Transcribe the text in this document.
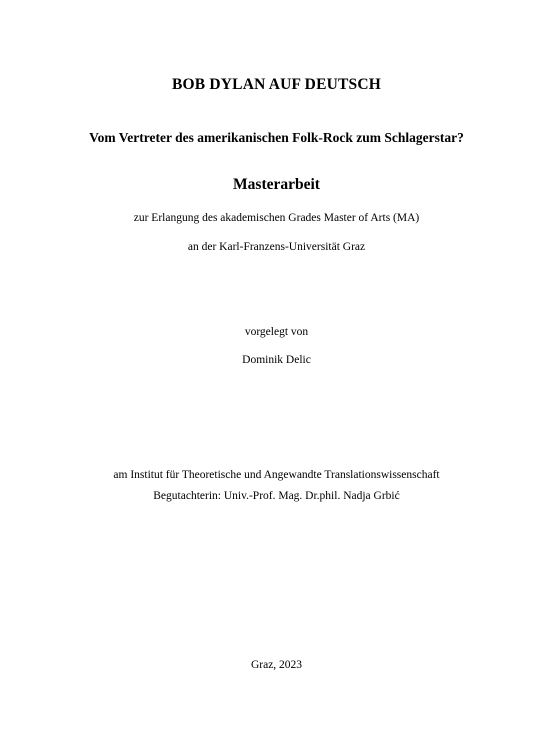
BOB DYLAN AUF DEUTSCH
Vom Vertreter des amerikanischen Folk-Rock zum Schlagerstar?
Masterarbeit
zur Erlangung des akademischen Grades Master of Arts (MA)
an der Karl-Franzens-Universität Graz
vorgelegt von
Dominik Delic
am Institut für Theoretische und Angewandte Translationswissenschaft
Begutachterin: Univ.-Prof. Mag. Dr.phil. Nadja Grbić
Graz, 2023
